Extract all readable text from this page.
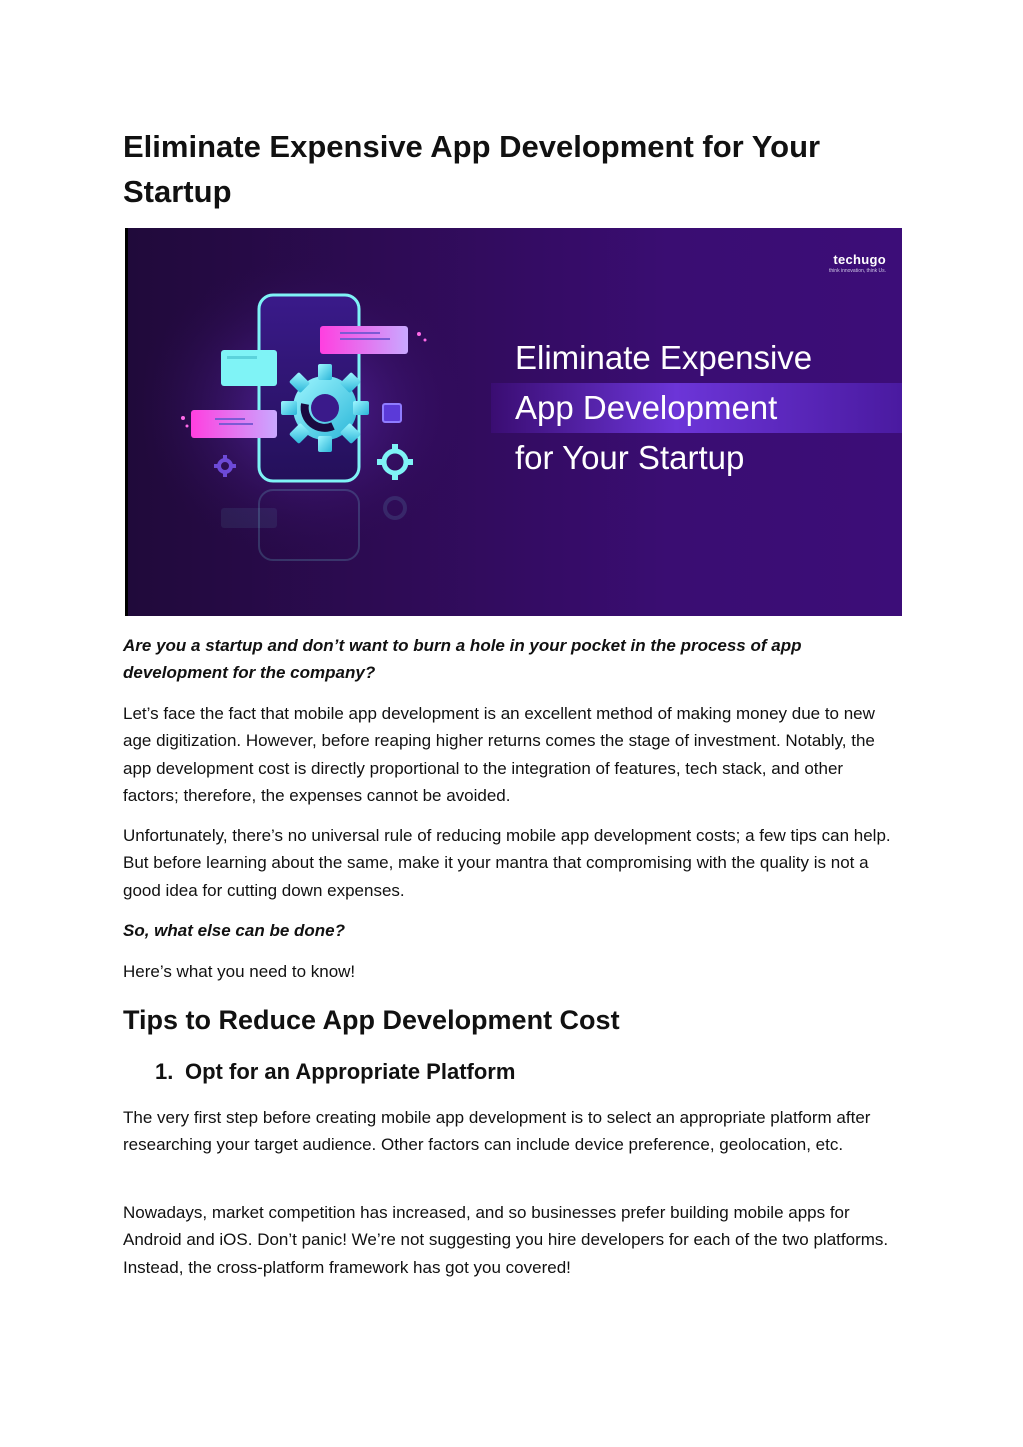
Eliminate Expensive App Development for Your Startup
techugo
think innovation, think Us.
Eliminate Expensive
App Development
for Your Startup

Are you a startup and don’t want to burn a hole in your pocket in the process of app development for the company?

Let’s face the fact that mobile app development is an excellent method of making money due to new age digitization. However, before reaping higher returns comes the stage of investment. Notably, the app development cost is directly proportional to the integration of features, tech stack, and other factors; therefore, the expenses cannot be avoided.

Unfortunately, there’s no universal rule of reducing mobile app development costs; a few tips can help. But before learning about the same, make it your mantra that compromising with the quality is not a good idea for cutting down expenses.

So, what else can be done?

Here’s what you need to know!

Tips to Reduce App Development Cost
1. Opt for an Appropriate Platform

The very first step before creating mobile app development is to select an appropriate platform after researching your target audience. Other factors can include device preference, geolocation, etc.

Nowadays, market competition has increased, and so businesses prefer building mobile apps for Android and iOS. Don’t panic! We’re not suggesting you hire developers for each of the two platforms. Instead, the cross-platform framework has got you covered!
